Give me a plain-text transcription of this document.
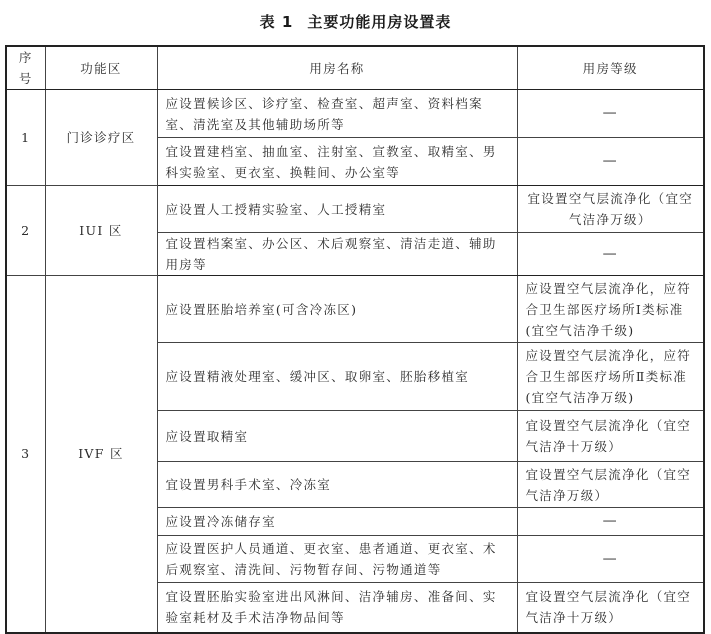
表 1 主要功能用房设置表
序号	功能区	用房名称	用房等级
1	门诊诊疗区	应设置候诊区、诊疗室、检查室、超声室、资料档案室、清洗室及其他辅助场所等	—
		宜设置建档室、抽血室、注射室、宣教室、取精室、男科实验室、更衣室、换鞋间、办公室等	—
2	IUI 区	应设置人工授精实验室、人工授精室	宜设置空气层流净化（宜空气洁净万级）
		宜设置档案室、办公区、术后观察室、清洁走道、辅助用房等	—
3	IVF 区	应设置胚胎培养室(可含冷冻区)	应设置空气层流净化，应符合卫生部医疗场所Ⅰ类标准(宜空气洁净千级)
		应设置精液处理室、缓冲区、取卵室、胚胎移植室	应设置空气层流净化，应符合卫生部医疗场所Ⅱ类标准(宜空气洁净万级)
		应设置取精室	宜设置空气层流净化（宜空气洁净十万级）
		宜设置男科手术室、冷冻室	宜设置空气层流净化（宜空气洁净万级）
		应设置冷冻储存室	—
		应设置医护人员通道、更衣室、患者通道、更衣室、术后观察室、清洗间、污物暂存间、污物通道等	—
		宜设置胚胎实验室进出风淋间、洁净辅房、准备间、实验室耗材及手术洁净物品间等	宜设置空气层流净化（宜空气洁净十万级）
